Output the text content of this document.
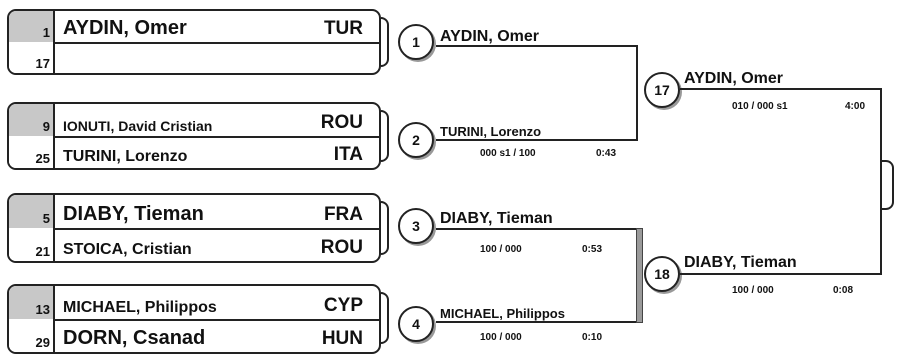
1 AYDIN, Omer	TUR
17
9 IONUTI, David Cristian	ROU
25 TURINI, Lorenzo	ITA
5 DIABY, Tieman	FRA
21 STOICA, Cristian	ROU
13 MICHAEL, Philippos	CYP
29 DORN, Csanad	HUN
1	AYDIN, Omer
2
TURINI, Lorenzo
000 s1 / 100	0:43
3	DIABY, Tieman
100 / 000	0:53
4
MICHAEL, Philippos
100 / 000	0:10
17
AYDIN, Omer
010 / 000 s1	4:00
18
DIABY, Tieman
100 / 000	0:08
